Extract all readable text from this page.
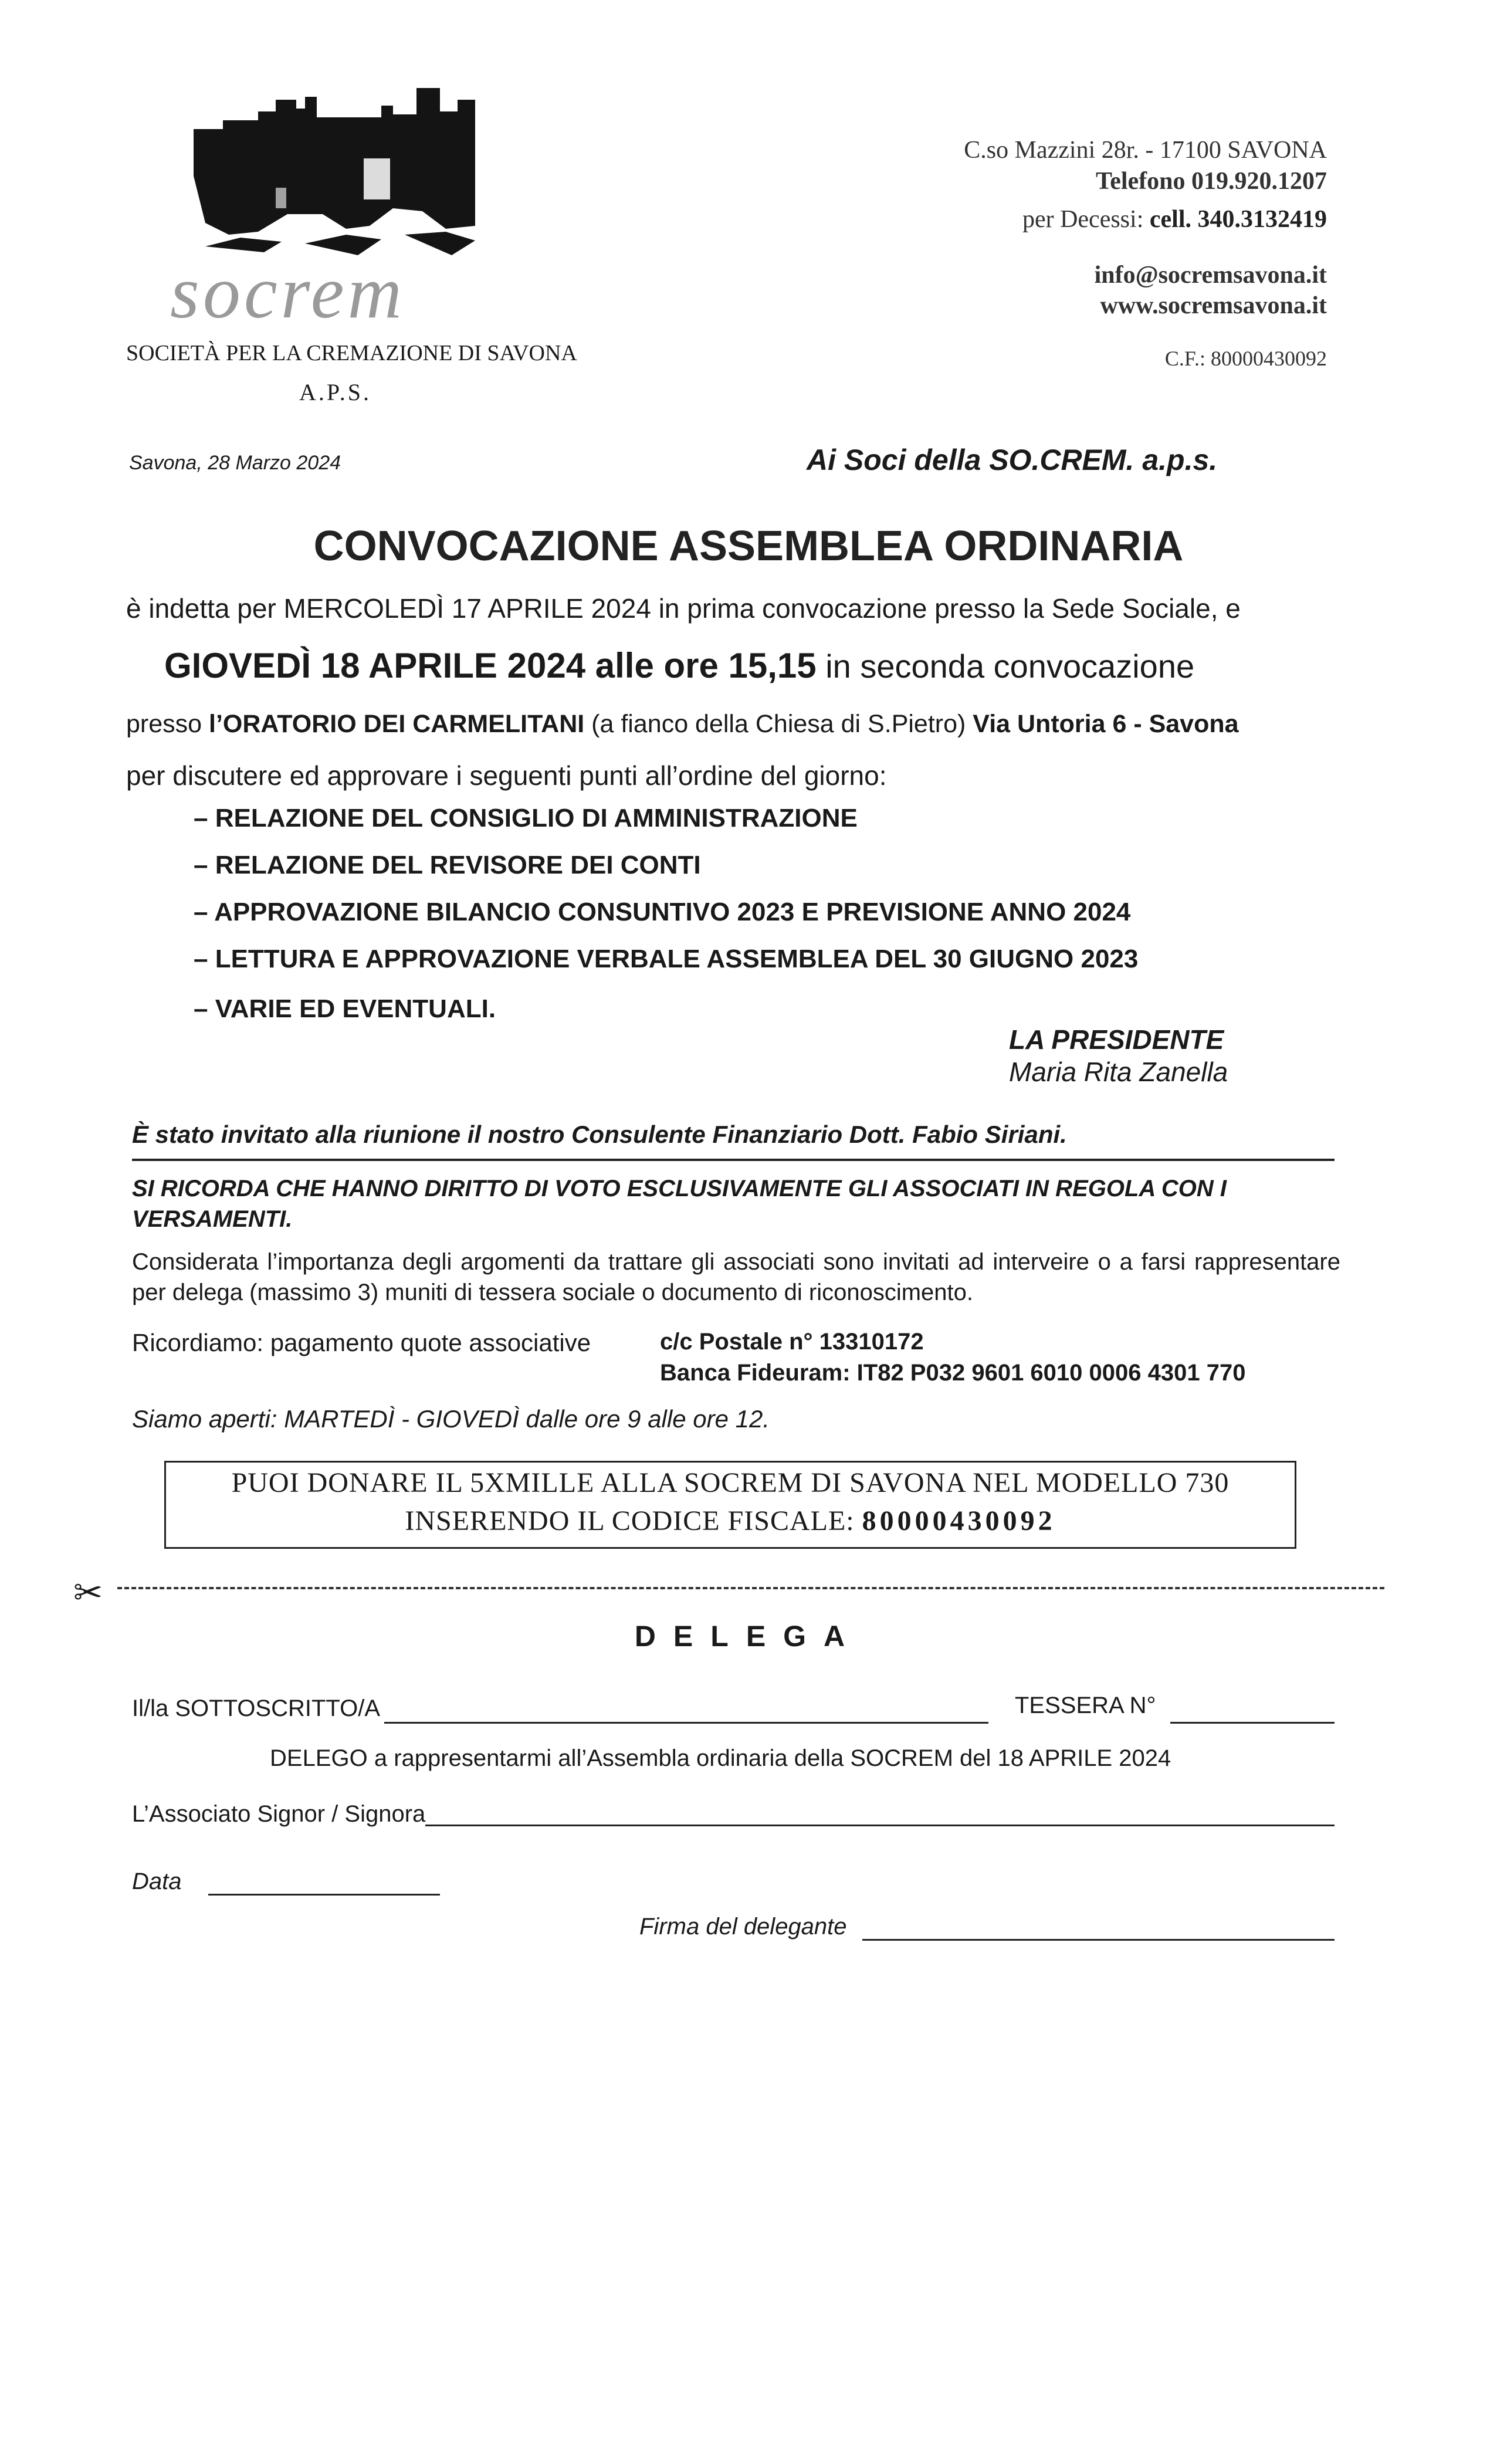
socrem
SOCIETÀ PER LA CREMAZIONE DI SAVONA
A.P.S.
C.so Mazzini 28r. - 17100 SAVONA
Telefono 019.920.1207
per Decessi: cell. 340.3132419
info@socremsavona.it
www.socremsavona.it
C.F.: 80000430092
Savona, 28 Marzo 2024	Ai Soci della SO.CREM. a.p.s.
CONVOCAZIONE ASSEMBLEA ORDINARIA
è indetta per MERCOLEDÌ 17 APRILE 2024 in prima convocazione presso la Sede Sociale, e
GIOVEDÌ 18 APRILE 2024 alle ore 15,15 in seconda convocazione
presso l’ORATORIO DEI CARMELITANI (a fianco della Chiesa di S.Pietro) Via Untoria 6 - Savona
per discutere ed approvare i seguenti punti all’ordine del giorno:
– RELAZIONE DEL CONSIGLIO DI AMMINISTRAZIONE
– RELAZIONE DEL REVISORE DEI CONTI
– APPROVAZIONE BILANCIO CONSUNTIVO 2023 E PREVISIONE ANNO 2024
– LETTURA E APPROVAZIONE VERBALE ASSEMBLEA DEL 30 GIUGNO 2023
– VARIE ED EVENTUALI.
LA PRESIDENTE
Maria Rita Zanella
È stato invitato alla riunione il nostro Consulente Finanziario Dott. Fabio Siriani.
SI RICORDA CHE HANNO DIRITTO DI VOTO ESCLUSIVAMENTE GLI ASSOCIATI IN REGOLA CON I VERSAMENTI.
Considerata l’importanza degli argomenti da trattare gli associati sono invitati ad interveire o a farsi rappresentare per delega (massimo 3) muniti di tessera sociale o documento di riconoscimento.
Ricordiamo: pagamento quote associative	c/c Postale n° 13310172
Banca Fideuram: IT82 P032 9601 6010 0006 4301 770
Siamo aperti: MARTEDÌ - GIOVEDÌ dalle ore 9 alle ore 12.
PUOI DONARE IL 5XMILLE ALLA SOCREM DI SAVONA NEL MODELLO 730
INSERENDO IL CODICE FISCALE: 80000430092
✂
DELEGA
Il/la SOTTOSCRITTO/A	TESSERA N°
DELEGO a rappresentarmi all’Assembla ordinaria della SOCREM del 18 APRILE 2024
L’Associato Signor / Signora
Data
Firma del delegante
